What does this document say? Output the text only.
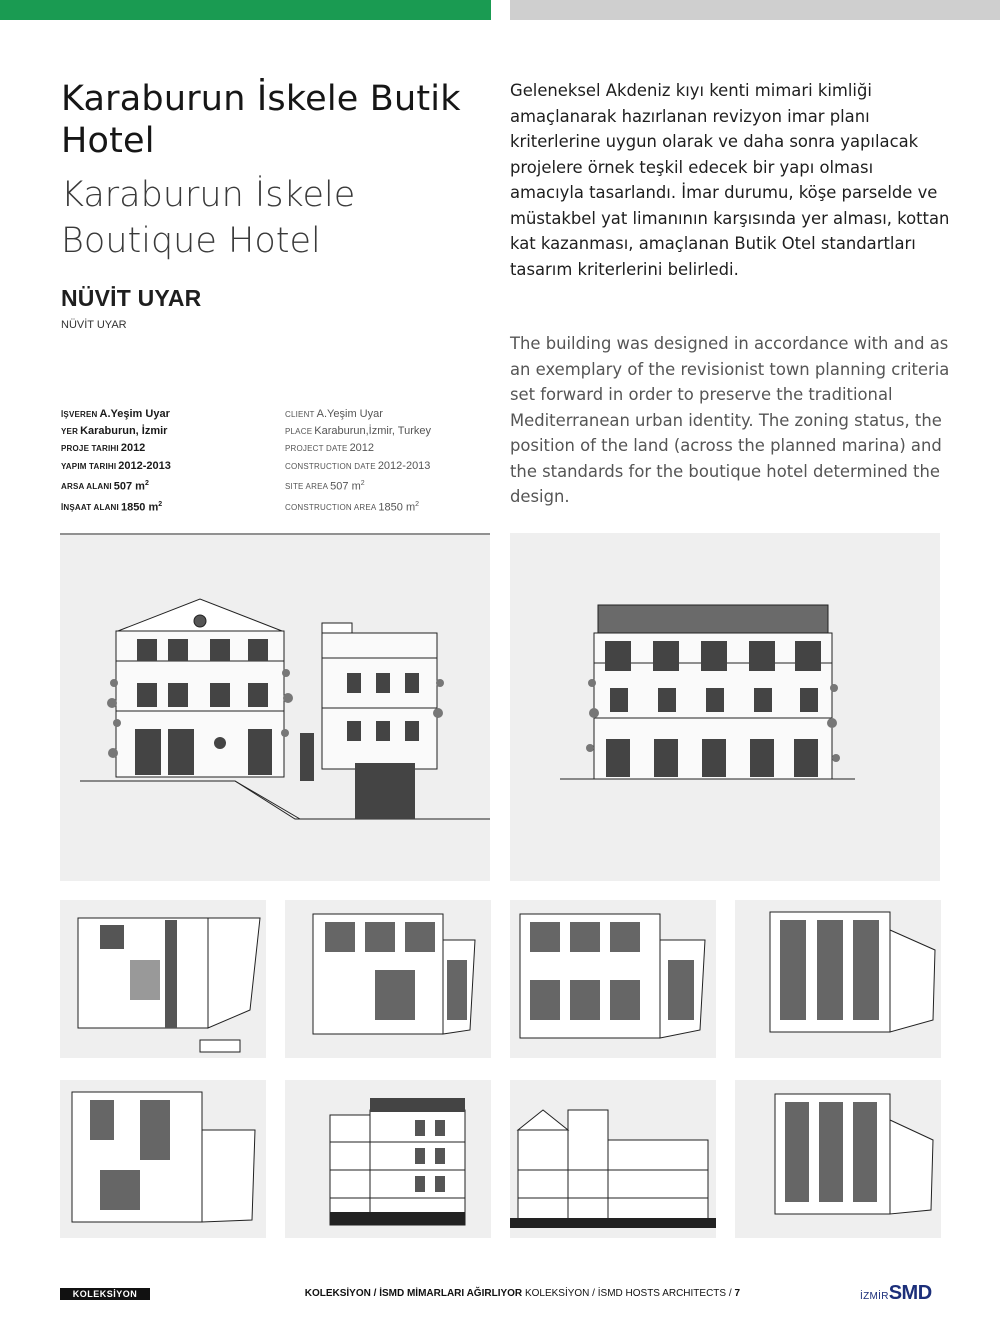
Karaburun İskele Butik Hotel
Karaburun İskele Boutique Hotel
NÜVİT UYAR
NÜVİT UYAR

Geleneksel Akdeniz kıyı kenti mimari kimliği amaçlanarak hazırlanan revizyon imar planı kriterlerine uygun olarak ve daha sonra yapılacak projelere örnek teşkil edecek bir yapı olması amacıyla tasarlandı. İmar durumu, köşe parselde ve müstakbel yat limanının karşısında yer alması, kottan kat kazanması, amaçlanan Butik Otel standartları tasarım kriterlerini belirledi.

The building was designed in accordance with and as an exemplary of the revisionist town planning criteria set forward in order to preserve the traditional Mediterranean urban identity. The zoning status, the position of the land (across the planned marina) and the standards for the boutique hotel determined the design.

İŞVEREN A.Yeşim Uyar
YER Karaburun, İzmir
PROJE TARIHI 2012
YAPIM TARIHI 2012-2013
ARSA ALANI 507 $m^2$
İNŞAAT ALANI 1850 $m^2$
CLIENT A.Yeşim Uyar
PLACE Karaburun,İzmir, Turkey
PROJECT DATE 2012
CONSTRUCTION DATE 2012-2013
SITE AREA 507 $m^2$
CONSTRUCTION AREA 1850 $m^2$
KOLEKSİYON	KOLEKSİYON / İSMD MİMARLARI AĞIRLIYOR KOLEKSİYON / İSMD HOSTS ARCHITECTS / 7	İZMİRSMD
